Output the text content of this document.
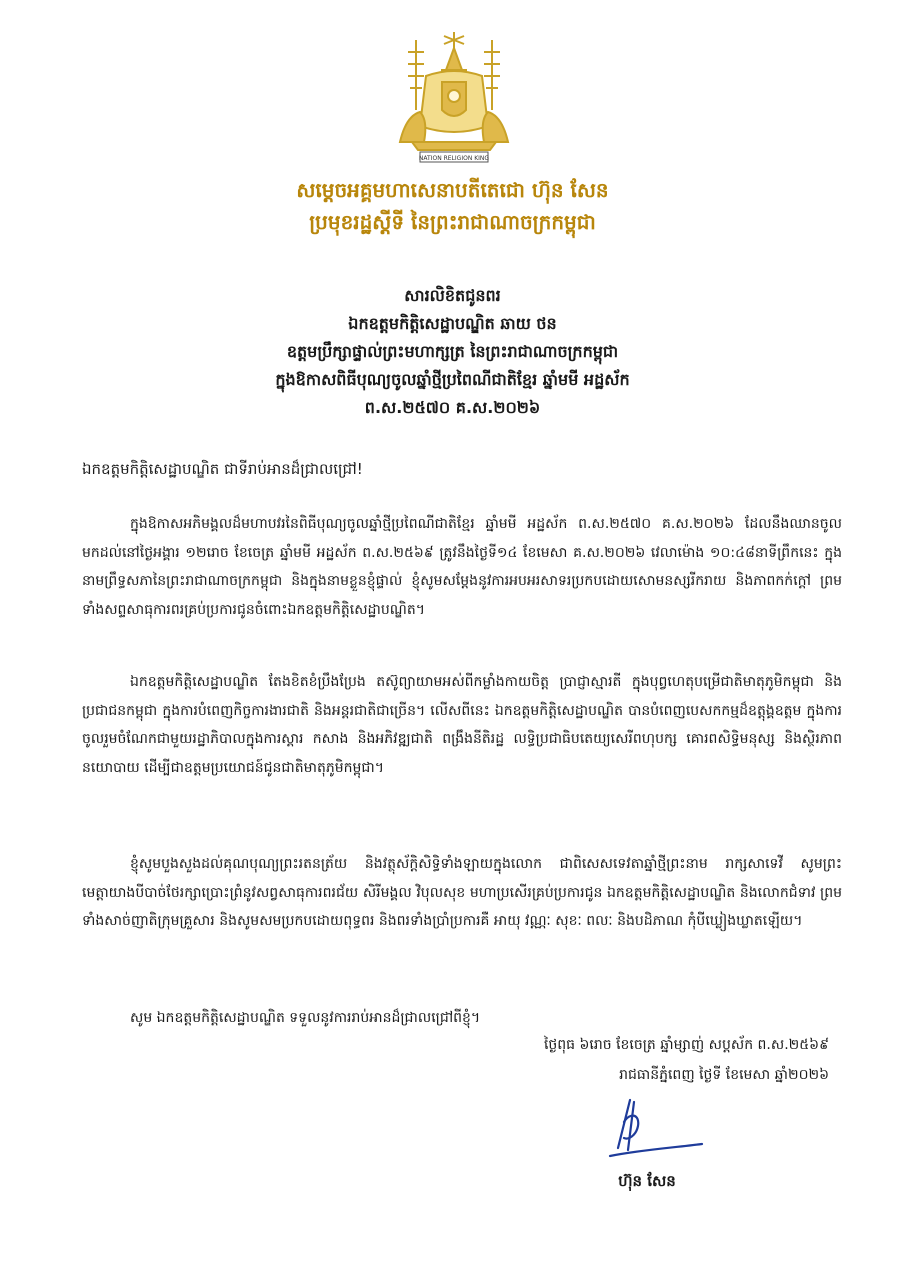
NATION RELIGION KING
សម្តេចអគ្គមហាសេនាបតីតេជោ ហ៊ុន សែន
ប្រមុខរដ្ឋស្តីទី នៃព្រះរាជាណាចក្រកម្ពុជា
សារលិខិតជូនពរ
ឯកឧត្តមកិត្តិសេដ្ឋាបណ្ឌិត ឆាយ ថន
ឧត្តមប្រឹក្សាផ្ទាល់ព្រះមហាក្សត្រ នៃព្រះរាជាណាចក្រកម្ពុជា
ក្នុងឱកាសពិធីបុណ្យចូលឆ្នាំថ្មីប្រពៃណីជាតិខ្មែរ ឆ្នាំមមី អដ្ឋស័ក
ព.ស.២៥៧០ គ.ស.២០២៦
ឯកឧត្តមកិត្តិសេដ្ឋាបណ្ឌិត ជាទីរាប់អានដ៏ជ្រាលជ្រៅ!

ក្នុងឱកាសអភិមង្គលដ៏មហាបវរនៃពិធីបុណ្យចូលឆ្នាំថ្មីប្រពៃណីជាតិខ្មែរ ឆ្នាំមមី អដ្ឋស័ក ព.ស.២៥៧០ គ.ស.២០២៦ ដែលនឹងឈានចូលមកដល់នៅថ្ងៃអង្គារ ១២រោច ខែចេត្រ ឆ្នាំមមី អដ្ឋស័ក ព.ស.២៥៦៩ ត្រូវនឹងថ្ងៃទី១៤ ខែមេសា គ.ស.២០២៦ វេលាម៉ោង ១០:៤៨នាទីព្រឹកនេះ ក្នុងនាមព្រឹទ្ធសភានៃព្រះរាជាណាចក្រកម្ពុជា និងក្នុងនាមខ្លួនខ្ញុំផ្ទាល់ ខ្ញុំសូមសម្តែងនូវការអបអរសាទរប្រកបដោយសោមនស្សរីករាយ និងភាពកក់ក្តៅ ព្រមទាំងសព្ទសាធុការពរគ្រប់ប្រការជូនចំពោះឯកឧត្តមកិត្តិសេដ្ឋាបណ្ឌិត។

ឯកឧត្តមកិត្តិសេដ្ឋាបណ្ឌិត តែងខិតខំប្រឹងប្រែង តស៊ូព្យាយាមអស់ពីកម្លាំងកាយចិត្ត ប្រាជ្ញាស្មារតី ក្នុងបុព្វហេតុបម្រើជាតិមាតុភូមិកម្ពុជា និងប្រជាជនកម្ពុជា ក្នុងការបំពេញកិច្ចការងារជាតិ និងអន្តរជាតិជាច្រើន។ លើសពីនេះ ឯកឧត្តមកិត្តិសេដ្ឋាបណ្ឌិត បានបំពេញបេសកកម្មដ៏ឧត្តុង្គឧត្តម ក្នុងការចូលរួមចំណែកជាមួយរដ្ឋាភិបាលក្នុងការស្តារ កសាង និងអភិវឌ្ឍជាតិ ពង្រឹងនីតិរដ្ឋ លទ្ធិប្រជាធិបតេយ្យសេរីពហុបក្ស គោរពសិទ្ធិមនុស្ស និងស្ថិរភាពនយោបាយ ដើម្បីជាឧត្តមប្រយោជន៍ជូនជាតិមាតុភូមិកម្ពុជា។

ខ្ញុំសូមបួងសួងដល់គុណបុណ្យព្រះរតនត្រ័យ និងវត្ថុស័ក្តិសិទ្ធិទាំងឡាយក្នុងលោក ជាពិសេសទេវតាឆ្នាំថ្មីព្រះនាម រាក្សសាទេវី សូមព្រះមេត្តាយាងបីបាច់ថែរក្សាប្រោះព្រំនូវសព្វសាធុការពរជ័យ សិរីមង្គល វិបុលសុខ មហាប្រសើរគ្រប់ប្រការជូន ឯកឧត្តមកិត្តិសេដ្ឋាបណ្ឌិត និងលោកជំទាវ ព្រមទាំងសាច់ញាតិក្រុមគ្រួសារ និងសូមសមប្រកបដោយពុទ្ធពរ និងពរទាំងប្រាំប្រការគឺ អាយុ វណ្ណៈ សុខៈ ពលៈ និងបដិភាណ កុំបីឃ្លៀងឃ្លាតឡើយ។

សូម ឯកឧត្តមកិត្តិសេដ្ឋាបណ្ឌិត ទទួលនូវការរាប់អានដ៏ជ្រាលជ្រៅពីខ្ញុំ។

ថ្ងៃពុធ ៦រោច ខែចេត្រ ឆ្នាំម្សាញ់ សប្តស័ក ព.ស.២៥៦៩
រាជធានីភ្នំពេញ ថ្ងៃទី ខែមេសា ឆ្នាំ២០២៦
ហ៊ុន សែន
